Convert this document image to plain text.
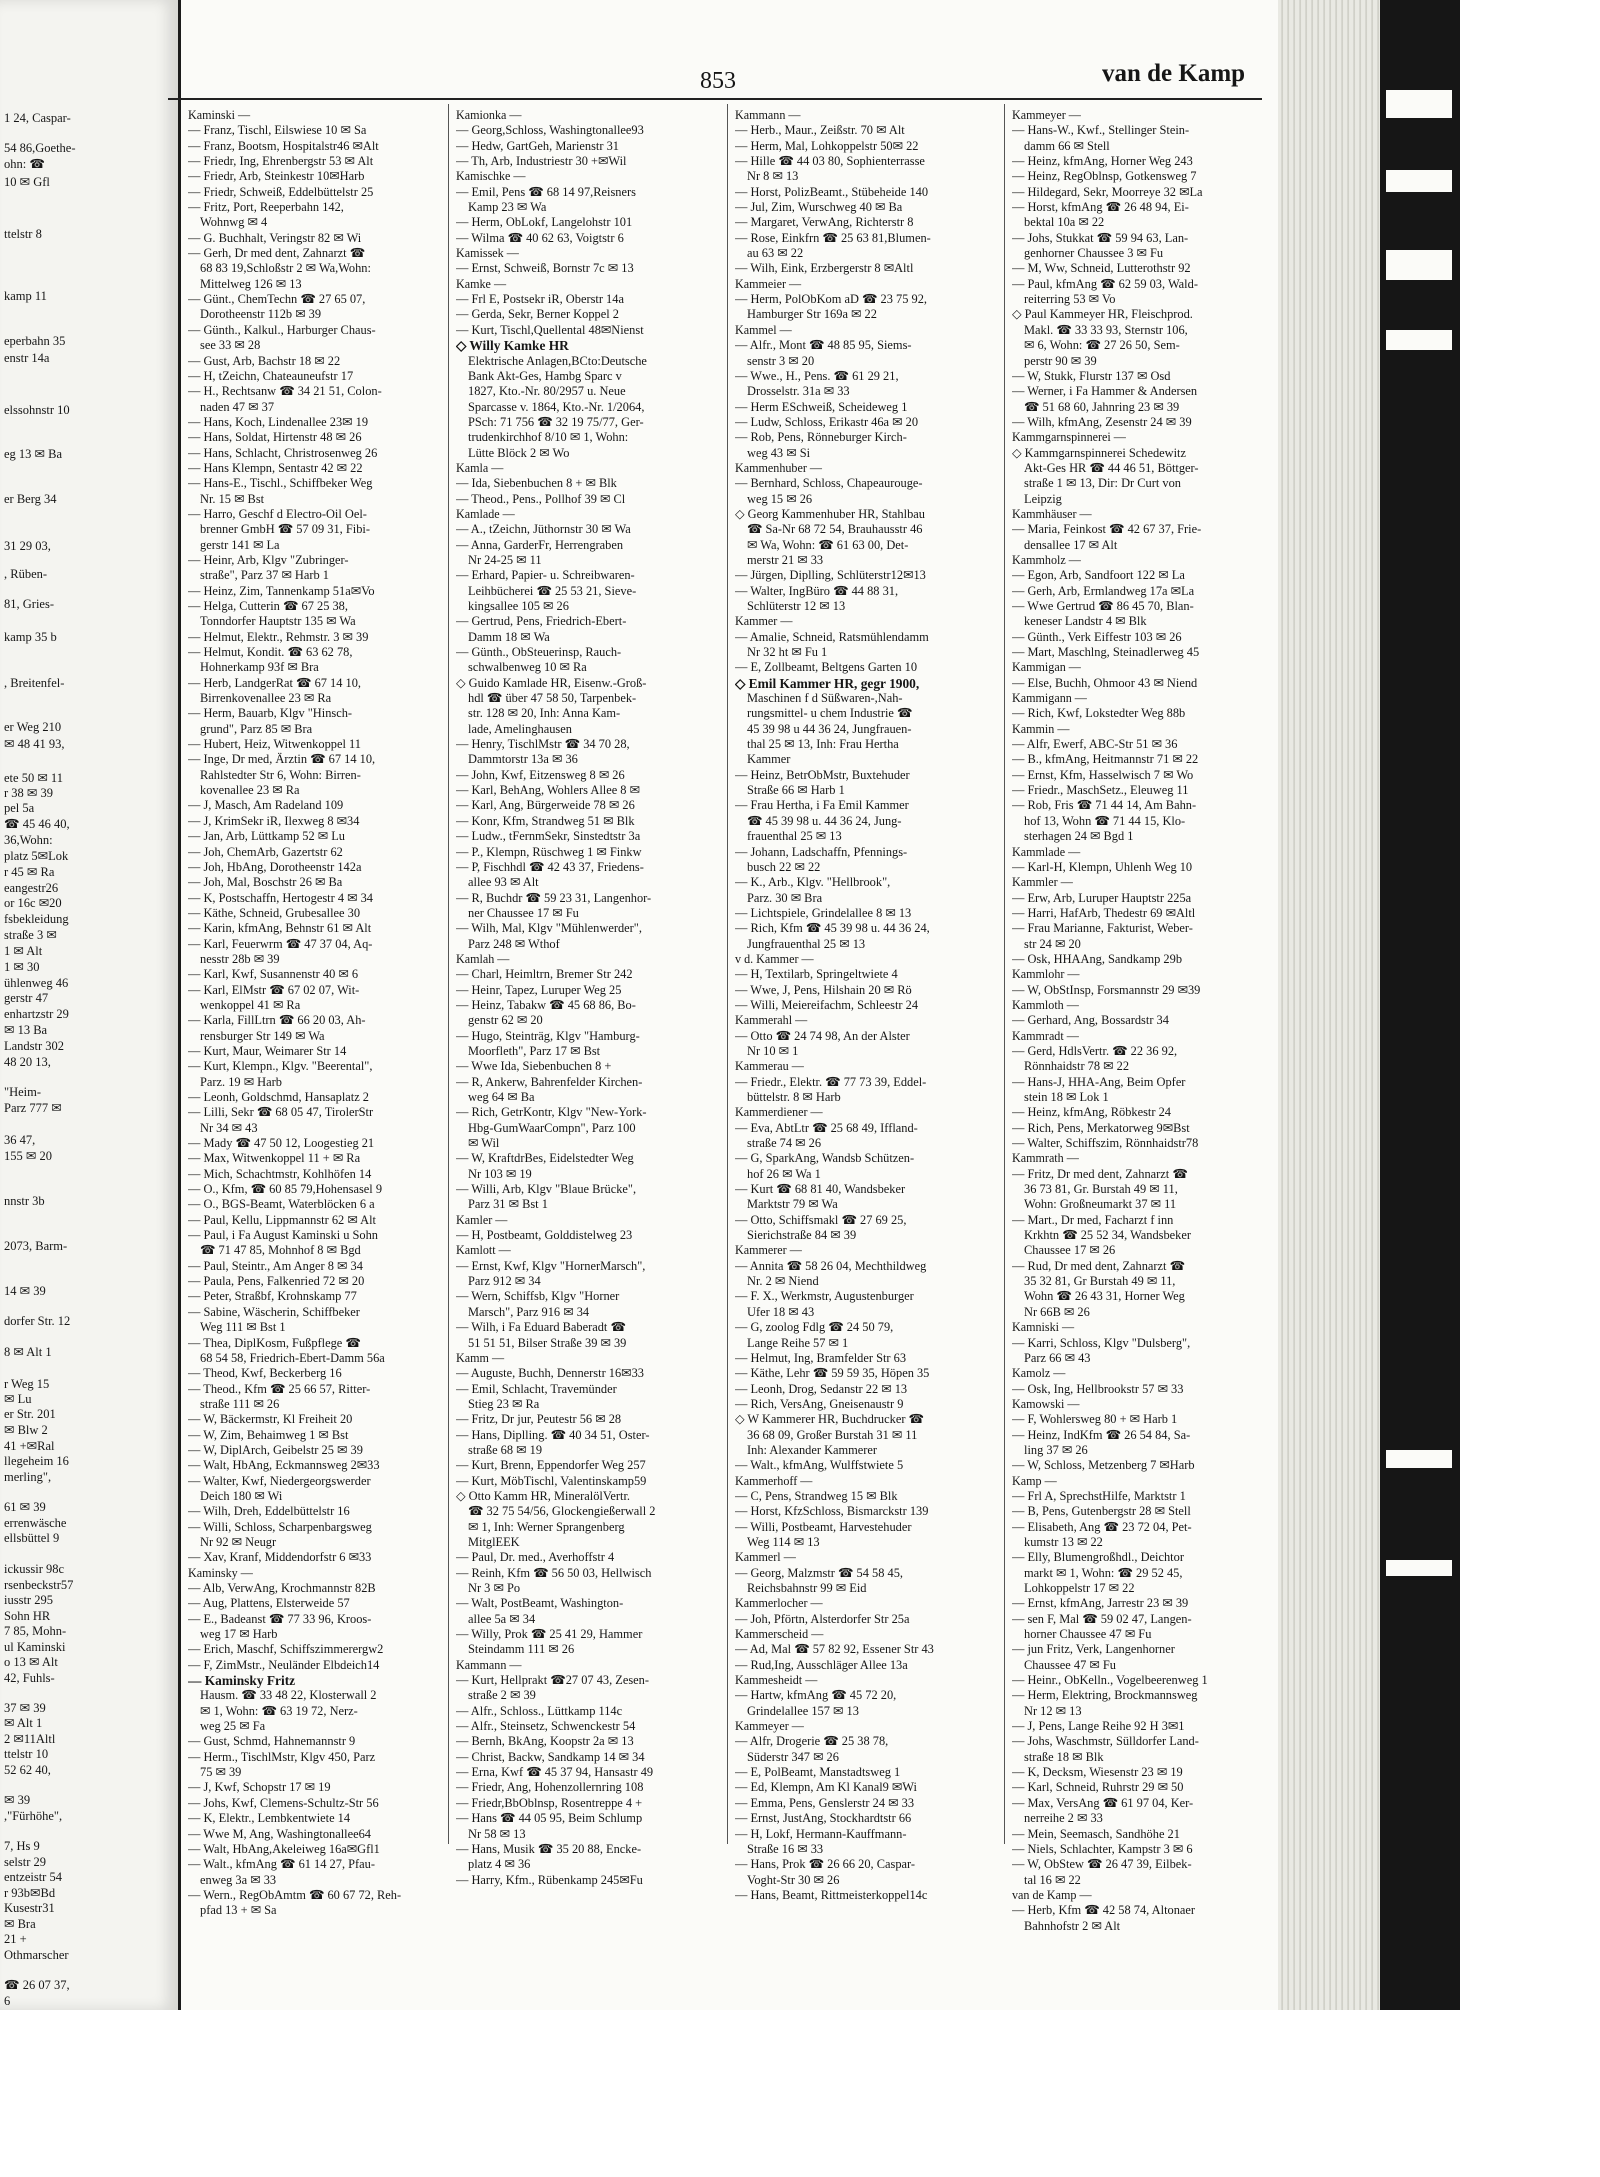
1 24, Caspar-
54 86,Goethe-
ohn: ☎
10 ✉ Gfl
ttelstr 8
kamp 11
eperbahn 35
enstr 14a
elssohnstr 10
eg 13 ✉ Ba
er Berg 34
31 29 03,
, Rüben-
81, Gries-
kamp 35 b
, Breitenfel-
er Weg 210
✉ 48 41 93,
ete 50 ✉ 11
r 38 ✉ 39
pel 5a
☎ 45 46 40,
36,Wohn:
platz 5✉Lok
r 45 ✉ Ra
eangestr26
or 16c ✉20
fsbekleidung
straße 3 ✉
1 ✉ Alt
1 ✉ 30
ühlenweg 46
gerstr 47
enhartzstr 29
✉ 13 Ba
Landstr 302
48 20 13,
"Heim-
Parz 777 ✉
36 47,
155 ✉ 20
nnstr 3b
2073, Barm-
14 ✉ 39
dorfer Str. 12
8 ✉ Alt 1
r Weg 15
✉ Lu
er Str. 201
✉ Blw 2
41 +✉Ral
llegeheim 16
merling",
61 ✉ 39
errenwäsche
ellsbüttel 9
ickussir 98c
rsenbeckstr57
iusstr 295
Sohn HR
7 85, Mohn-
ul Kaminski
o 13 ✉ Alt
42, Fuhls-
37 ✉ 39
✉ Alt 1
2 ✉11Altl
ttelstr 10
52 62 40,
✉ 39
,"Fürhöhe",
7, Hs 9
selstr 29
entzeistr 54
r 93b✉Bd
Kusestr31
✉ Bra
21 +
Othmarscher
☎ 26 07 37,
6
853	van de Kamp
Kaminski —
— Franz, Tischl, Eilswiese 10 ✉ Sa
— Franz, Bootsm, Hospitalstr46 ✉Alt
— Friedr, Ing, Ehrenbergstr 53 ✉ Alt
— Friedr, Arb, Steinkestr 10✉Harb
— Friedr, Schweiß, Eddelbüttelstr 25
— Fritz, Port, Reeperbahn 142,
Wohnwg ✉ 4
— G. Buchhalt, Veringstr 82 ✉ Wi
— Gerh, Dr med dent, Zahnarzt ☎
68 83 19,Schloßstr 2 ✉ Wa,Wohn:
Mittelweg 126 ✉ 13
— Günt., ChemTechn ☎ 27 65 07,
Dorotheenstr 112b ✉ 39
— Günth., Kalkul., Harburger Chaus-
see 33 ✉ 28
— Gust, Arb, Bachstr 18 ✉ 22
— H, tZeichn, Chateauneufstr 17
— H., Rechtsanw ☎ 34 21 51, Colon-
naden 47 ✉ 37
— Hans, Koch, Lindenallee 23✉ 19
— Hans, Soldat, Hirtenstr 48 ✉ 26
— Hans, Schlacht, Christrosenweg 26
— Hans Klempn, Sentastr 42 ✉ 22
— Hans-E., Tischl., Schiffbeker Weg
Nr. 15 ✉ Bst
— Harro, Geschf d Electro-Oil Oel-
brenner GmbH ☎ 57 09 31, Fibi-
gerstr 141 ✉ La
— Heinr, Arb, Klgv "Zubringer-
straße", Parz 37 ✉ Harb 1
— Heinz, Zim, Tannenkamp 51a✉Vo
— Helga, Cutterin ☎ 67 25 38,
Tonndorfer Hauptstr 135 ✉ Wa
— Helmut, Elektr., Rehmstr. 3 ✉ 39
— Helmut, Kondit. ☎ 63 62 78,
Hohnerkamp 93f ✉ Bra
— Herb, LandgerRat ☎ 67 14 10,
Birrenkovenallee 23 ✉ Ra
— Herm, Bauarb, Klgv "Hinsch-
grund", Parz 85 ✉ Bra
— Hubert, Heiz, Witwenkoppel 11
— Inge, Dr med, Ärztin ☎ 67 14 10,
Rahlstedter Str 6, Wohn: Birren-
kovenallee 23 ✉ Ra
— J, Masch, Am Radeland 109
— J, KrimSekr iR, Ilexweg 8 ✉34
— Jan, Arb, Lüttkamp 52 ✉ Lu
— Joh, ChemArb, Gazertstr 62
— Joh, HbAng, Dorotheenstr 142a
— Joh, Mal, Boschstr 26 ✉ Ba
— K, Postschaffn, Hertogestr 4 ✉ 34
— Käthe, Schneid, Grubesallee 30
— Karin, kfmAng, Behnstr 61 ✉ Alt
— Karl, Feuerwrm ☎ 47 37 04, Aq-
nesstr 28b ✉ 39
— Karl, Kwf, Susannenstr 40 ✉ 6
— Karl, ElMstr ☎ 67 02 07, Wit-
wenkoppel 41 ✉ Ra
— Karla, FillLtrn ☎ 66 20 03, Ah-
rensburger Str 149 ✉ Wa
— Kurt, Maur, Weimarer Str 14
— Kurt, Klempn., Klgv. "Beerental",
Parz. 19 ✉ Harb
— Leonh, Goldschmd, Hansaplatz 2
— Lilli, Sekr ☎ 68 05 47, TirolerStr
Nr 34 ✉ 43
— Mady ☎ 47 50 12, Loogestieg 21
— Max, Witwenkoppel 11 + ✉ Ra
— Mich, Schachtmstr, Kohlhöfen 14
— O., Kfm, ☎ 60 85 79,Hohensasel 9
— O., BGS-Beamt, Waterblöcken 6 a
— Paul, Kellu, Lippmannstr 62 ✉ Alt
— Paul, i Fa August Kaminski u Sohn
☎ 71 47 85, Mohnhof 8 ✉ Bgd
— Paul, Steintr., Am Anger 8 ✉ 34
— Paula, Pens, Falkenried 72 ✉ 20
— Peter, Straßbf, Krohnskamp 77
— Sabine, Wäscherin, Schiffbeker
Weg 111 ✉ Bst 1
— Thea, DiplKosm, Fußpflege ☎
68 54 58, Friedrich-Ebert-Damm 56a
— Theod, Kwf, Beckerberg 16
— Theod., Kfm ☎ 25 66 57, Ritter-
straße 111 ✉ 26
— W, Bäckermstr, Kl Freiheit 20
— W, Zim, Behaimweg 1 ✉ Bst
— W, DiplArch, Geibelstr 25 ✉ 39
— Walt, HbAng, Eckmannsweg 2✉33
— Walter, Kwf, Niedergeorgswerder
Deich 180 ✉ Wi
— Wilh, Dreh, Eddelbüttelstr 16
— Willi, Schloss, Scharpenbargsweg
Nr 92 ✉ Neugr
— Xav, Kranf, Middendorfstr 6 ✉33
Kaminsky —
— Alb, VerwAng, Krochmannstr 82B
— Aug, Plattens, Elsterweide 57
— E., Badeanst ☎ 77 33 96, Kroos-
weg 17 ✉ Harb
— Erich, Maschf, Schiffszimmerergw2
— F, ZimMstr., Neuländer Elbdeich14
— Kaminsky Fritz
Hausm. ☎ 33 48 22, Klosterwall 2
✉ 1, Wohn: ☎ 63 19 72, Nerz-
weg 25 ✉ Fa
— Gust, Schmd, Hahnemannstr 9
— Herm., TischlMstr, Klgv 450, Parz
75 ✉ 39
— J, Kwf, Schopstr 17 ✉ 19
— Johs, Kwf, Clemens-Schultz-Str 56
— K, Elektr., Lembkentwiete 14
— Wwe M, Ang, Washingtonallee64
— Walt, HbAng,Akeleiweg 16a✉Gfl1
— Walt., kfmAng ☎ 61 14 27, Pfau-
enweg 3a ✉ 33
— Wern., RegObAmtm ☎ 60 67 72, Reh-
pfad 13 + ✉ Sa
Kamionka —
— Georg,Schloss, Washingtonallee93
— Hedw, GartGeh, Marienstr 31
— Th, Arb, Industriestr 30 +✉Wil
Kamischke —
— Emil, Pens ☎ 68 14 97,Reisners
Kamp 23 ✉ Wa
— Herm, ObLokf, Langelohstr 101
— Wilma ☎ 40 62 63, Voigtstr 6
Kamissek —
— Ernst, Schweiß, Bornstr 7c ✉ 13
Kamke —
— Frl E, Postsekr iR, Oberstr 14a
— Gerda, Sekr, Berner Koppel 2
— Kurt, Tischl,Quellental 48✉Nienst
◇ Willy Kamke HR
Elektrische Anlagen,BCto:Deutsche
Bank Akt-Ges, Hambg Sparc v
1827, Kto.-Nr. 80/2957 u. Neue
Sparcasse v. 1864, Kto.-Nr. 1/2064,
PSch: 71 756 ☎ 32 19 75/77, Ger-
trudenkirchhof 8/10 ✉ 1, Wohn:
Lütte Blöck 2 ✉ Wo
Kamla —
— Ida, Siebenbuchen 8 + ✉ Blk
— Theod., Pens., Pollhof 39 ✉ Cl
Kamlade —
— A., tZeichn, Jüthornstr 30 ✉ Wa
— Anna, GarderFr, Herrengraben
Nr 24-25 ✉ 11
— Erhard, Papier- u. Schreibwaren-
Leihbücherei ☎ 25 53 21, Sieve-
kingsallee 105 ✉ 26
— Gertrud, Pens, Friedrich-Ebert-
Damm 18 ✉ Wa
— Günth., ObSteuerinsp, Rauch-
schwalbenweg 10 ✉ Ra
◇ Guido Kamlade HR, Eisenw.-Groß-
hdl ☎ über 47 58 50, Tarpenbek-
str. 128 ✉ 20, Inh: Anna Kam-
lade, Amelinghausen
— Henry, TischlMstr ☎ 34 70 28,
Dammtorstr 13a ✉ 36
— John, Kwf, Eitzensweg 8 ✉ 26
— Karl, BehAng, Wohlers Allee 8 ✉
— Karl, Ang, Bürgerweide 78 ✉ 26
— Konr, Kfm, Strandweg 51 ✉ Blk
— Ludw., tFernmSekr, Sinstedtstr 3a
— P., Klempn, Rüschweg 1 ✉ Finkw
— P, Fischhdl ☎ 42 43 37, Friedens-
allee 93 ✉ Alt
— R, Buchdr ☎ 59 23 31, Langenhor-
ner Chaussee 17 ✉ Fu
— Wilh, Mal, Klgv "Mühlenwerder",
Parz 248 ✉ Wthof
Kamlah —
— Charl, Heimltrn, Bremer Str 242
— Heinr, Tapez, Luruper Weg 25
— Heinz, Tabakw ☎ 45 68 86, Bo-
genstr 62 ✉ 20
— Hugo, Steinträg, Klgv "Hamburg-
Moorfleth", Parz 17 ✉ Bst
— Wwe Ida, Siebenbuchen 8 +
— R, Ankerw, Bahrenfelder Kirchen-
weg 64 ✉ Ba
— Rich, GetrKontr, Klgv "New-York-
Hbg-GumWaarCompn", Parz 100
✉ Wil
— W, KraftdrBes, Eidelstedter Weg
Nr 103 ✉ 19
— Willi, Arb, Klgv "Blaue Brücke",
Parz 31 ✉ Bst 1
Kamler —
— H, Postbeamt, Golddistelweg 23
Kamlott —
— Ernst, Kwf, Klgv "HornerMarsch",
Parz 912 ✉ 34
— Wern, Schiffsb, Klgv "Horner
Marsch", Parz 916 ✉ 34
— Wilh, i Fa Eduard Baberadt ☎
51 51 51, Bilser Straße 39 ✉ 39
Kamm —
— Auguste, Buchh, Dennerstr 16✉33
— Emil, Schlacht, Travemünder
Stieg 23 ✉ Ra
— Fritz, Dr jur, Peutestr 56 ✉ 28
— Hans, Diplling. ☎ 40 34 51, Oster-
straße 68 ✉ 19
— Kurt, Brenn, Eppendorfer Weg 257
— Kurt, MöbTischl, Valentinskamp59
◇ Otto Kamm HR, MineralölVertr.
☎ 32 75 54/56, Glockengießerwall 2
✉ 1, Inh: Werner Sprangenberg
MitglEEK
— Paul, Dr. med., Averhoffstr 4
— Reinh, Kfm ☎ 56 50 03, Hellwisch
Nr 3 ✉ Po
— Walt, PostBeamt, Washington-
allee 5a ✉ 34
— Willy, Prok ☎ 25 41 29, Hammer
Steindamm 111 ✉ 26
Kammann —
— Kurt, Hellprakt ☎27 07 43, Zesen-
straße 2 ✉ 39
— Alfr., Schloss., Lüttkamp 114c
— Alfr., Steinsetz, Schwenckestr 54
— Bernh, BkAng, Koopstr 2a ✉ 13
— Christ, Backw, Sandkamp 14 ✉ 34
— Erna, Kwf ☎ 45 37 94, Hansastr 49
— Friedr, Ang, Hohenzollernring 108
— Friedr,BbOblnsp, Rosentreppe 4 +
— Hans ☎ 44 05 95, Beim Schlump
Nr 58 ✉ 13
— Hans, Musik ☎ 35 20 88, Encke-
platz 4 ✉ 36
— Harry, Kfm., Rübenkamp 245✉Fu
Kammann —
— Herb., Maur., Zeißstr. 70 ✉ Alt
— Herm, Mal, Lohkoppelstr 50✉ 22
— Hille ☎ 44 03 80, Sophienterrasse
Nr 8 ✉ 13
— Horst, PolizBeamt., Stübeheide 140
— Jul, Zim, Wurschweg 40 ✉ Ba
— Margaret, VerwAng, Richterstr 8
— Rose, Einkfrn ☎ 25 63 81,Blumen-
au 63 ✉ 22
— Wilh, Eink, Erzbergerstr 8 ✉Altl
Kammeier —
— Herm, PolObKom aD ☎ 23 75 92,
Hamburger Str 169a ✉ 22
Kammel —
— Alfr., Mont ☎ 48 85 95, Siems-
senstr 3 ✉ 20
— Wwe., H., Pens. ☎ 61 29 21,
Drosselstr. 31a ✉ 33
— Herm ESchweiß, Scheideweg 1
— Ludw, Schloss, Erikastr 46a ✉ 20
— Rob, Pens, Rönneburger Kirch-
weg 43 ✉ Si
Kammenhuber —
— Bernhard, Schloss, Chapeaurouge-
weg 15 ✉ 26
◇ Georg Kammenhuber HR, Stahlbau
☎ Sa-Nr 68 72 54, Brauhausstr 46
✉ Wa, Wohn: ☎ 61 63 00, Det-
merstr 21 ✉ 33
— Jürgen, Diplling, Schlüterstr12✉13
— Walter, IngBüro ☎ 44 88 31,
Schlüterstr 12 ✉ 13
Kammer —
— Amalie, Schneid, Ratsmühlendamm
Nr 32 ht ✉ Fu 1
— E, Zollbeamt, Beltgens Garten 10
◇ Emil Kammer HR, gegr 1900,
Maschinen f d Süßwaren-,Nah-
rungsmittel- u chem Industrie ☎
45 39 98 u 44 36 24, Jungfrauen-
thal 25 ✉ 13, Inh: Frau Hertha
Kammer
— Heinz, BetrObMstr, Buxtehuder
Straße 66 ✉ Harb 1
— Frau Hertha, i Fa Emil Kammer
☎ 45 39 98 u. 44 36 24, Jung-
frauenthal 25 ✉ 13
— Johann, Ladschaffn, Pfennings-
busch 22 ✉ 22
— K., Arb., Klgv. "Hellbrook",
Parz. 30 ✉ Bra
— Lichtspiele, Grindelallee 8 ✉ 13
— Rich, Kfm ☎ 45 39 98 u. 44 36 24,
Jungfrauenthal 25 ✉ 13
v d. Kammer —
— H, Textilarb, Springeltwiete 4
— Wwe, J, Pens, Hilshain 20 ✉ Rö
— Willi, Meiereifachm, Schleestr 24
Kammerahl —
— Otto ☎ 24 74 98, An der Alster
Nr 10 ✉ 1
Kammerau —
— Friedr., Elektr. ☎ 77 73 39, Eddel-
büttelstr. 8 ✉ Harb
Kammerdiener —
— Eva, AbtLtr ☎ 25 68 49, Iffland-
straße 74 ✉ 26
— G, SparkAng, Wandsb Schützen-
hof 26 ✉ Wa 1
— Kurt ☎ 68 81 40, Wandsbeker
Marktstr 79 ✉ Wa
— Otto, Schiffsmakl ☎ 27 69 25,
Sierichstraße 84 ✉ 39
Kammerer —
— Annita ☎ 58 26 04, Mechthildweg
Nr. 2 ✉ Niend
— F. X., Werkmstr, Augustenburger
Ufer 18 ✉ 43
— G, zoolog Fdlg ☎ 24 50 79,
Lange Reihe 57 ✉ 1
— Helmut, Ing, Bramfelder Str 63
— Käthe, Lehr ☎ 59 59 35, Höpen 35
— Leonh, Drog, Sedanstr 22 ✉ 13
— Rich, VersAng, Gneisenaustr 9
◇ W Kammerer HR, Buchdrucker ☎
36 68 09, Großer Burstah 31 ✉ 11
Inh: Alexander Kammerer
— Walt., kfmAng, Wulffstwiete 5
Kammerhoff —
— C, Pens, Strandweg 15 ✉ Blk
— Horst, KfzSchloss, Bismarckstr 139
— Willi, Postbeamt, Harvestehuder
Weg 114 ✉ 13
Kammerl —
— Georg, Malzmstr ☎ 54 58 45,
Reichsbahnstr 99 ✉ Eid
Kammerlocher —
— Joh, Pförtn, Alsterdorfer Str 25a
Kammerscheid —
— Ad, Mal ☎ 57 82 92, Essener Str 43
— Rud,Ing, Ausschläger Allee 13a
Kammesheidt —
— Hartw, kfmAng ☎ 45 72 20,
Grindelallee 157 ✉ 13
Kammeyer —
— Alfr, Drogerie ☎ 25 38 78,
Süderstr 347 ✉ 26
— E, PolBeamt, Manstadtsweg 1
— Ed, Klempn, Am Kl Kanal9 ✉Wi
— Emma, Pens, Genslerstr 24 ✉ 33
— Ernst, JustAng, Stockhardtstr 66
— H, Lokf, Hermann-Kauffmann-
Straße 16 ✉ 33
— Hans, Prok ☎ 26 66 20, Caspar-
Voght-Str 30 ✉ 26
— Hans, Beamt, Rittmeisterkoppel14c
Kammeyer —
— Hans-W., Kwf., Stellinger Stein-
damm 66 ✉ Stell
— Heinz, kfmAng, Horner Weg 243
— Heinz, RegOblnsp, Gotkensweg 7
— Hildegard, Sekr, Moorreye 32 ✉La
— Horst, kfmAng ☎ 26 48 94, Ei-
bektal 10a ✉ 22
— Johs, Stukkat ☎ 59 94 63, Lan-
genhorner Chaussee 3 ✉ Fu
— M, Ww, Schneid, Lutterothstr 92
— Paul, kfmAng ☎ 62 59 03, Wald-
reiterring 53 ✉ Vo
◇ Paul Kammeyer HR, Fleischprod.
Makl. ☎ 33 33 93, Sternstr 106,
✉ 6, Wohn: ☎ 27 26 50, Sem-
perstr 90 ✉ 39
— W, Stukk, Flurstr 137 ✉ Osd
— Werner, i Fa Hammer & Andersen
☎ 51 68 60, Jahnring 23 ✉ 39
— Wilh, kfmAng, Zesenstr 24 ✉ 39
Kammgarnspinnerei —
◇ Kammgarnspinnerei Schedewitz
Akt-Ges HR ☎ 44 46 51, Böttger-
straße 1 ✉ 13, Dir: Dr Curt von
Leipzig
Kammhäuser —
— Maria, Feinkost ☎ 42 67 37, Frie-
densallee 17 ✉ Alt
Kammholz —
— Egon, Arb, Sandfoort 122 ✉ La
— Gerh, Arb, Ermlandweg 17a ✉La
— Wwe Gertrud ☎ 86 45 70, Blan-
keneser Landstr 4 ✉ Blk
— Günth., Verk Eiffestr 103 ✉ 26
— Mart, Maschlng, Steinadlerweg 45
Kammigan —
— Else, Buchh, Ohmoor 43 ✉ Niend
Kammigann —
— Rich, Kwf, Lokstedter Weg 88b
Kammin —
— Alfr, Ewerf, ABC-Str 51 ✉ 36
— B., kfmAng, Heitmannstr 71 ✉ 22
— Ernst, Kfm, Hasselwisch 7 ✉ Wo
— Friedr., MaschSetz., Eleuweg 11
— Rob, Fris ☎ 71 44 14, Am Bahn-
hof 13, Wohn ☎ 71 44 15, Klo-
sterhagen 24 ✉ Bgd 1
Kammlade —
— Karl-H, Klempn, Uhlenh Weg 10
Kammler —
— Erw, Arb, Luruper Hauptstr 225a
— Harri, HafArb, Thedestr 69 ✉Altl
— Frau Marianne, Fakturist, Weber-
str 24 ✉ 20
— Osk, HHAAng, Sandkamp 29b
Kammlohr —
— W, ObStInsp, Forsmannstr 29 ✉39
Kammloth —
— Gerhard, Ang, Bossardstr 34
Kammradt —
— Gerd, HdlsVertr. ☎ 22 36 92,
Rönnhaidstr 78 ✉ 22
— Hans-J, HHA-Ang, Beim Opfer
stein 18 ✉ Lok 1
— Heinz, kfmAng, Röbkestr 24
— Rich, Pens, Merkatorweg 9✉Bst
— Walter, Schiffszim, Rönnhaidstr78
Kammrath —
— Fritz, Dr med dent, Zahnarzt ☎
36 73 81, Gr. Burstah 49 ✉ 11,
Wohn: Großneumarkt 37 ✉ 11
— Mart., Dr med, Facharzt f inn
Krkhtn ☎ 25 52 34, Wandsbeker
Chaussee 17 ✉ 26
— Rud, Dr med dent, Zahnarzt ☎
35 32 81, Gr Burstah 49 ✉ 11,
Wohn ☎ 26 43 31, Horner Weg
Nr 66B ✉ 26
Kamniski —
— Karri, Schloss, Klgv "Dulsberg",
Parz 66 ✉ 43
Kamolz —
— Osk, Ing, Hellbrookstr 57 ✉ 33
Kamowski —
— F, Wohlersweg 80 + ✉ Harb 1
— Heinz, IndKfm ☎ 26 54 84, Sa-
ling 37 ✉ 26
— W, Schloss, Metzenberg 7 ✉Harb
Kamp —
— Frl A, SprechstHilfe, Marktstr 1
— B, Pens, Gutenbergstr 28 ✉ Stell
— Elisabeth, Ang ☎ 23 72 04, Pet-
kumstr 13 ✉ 22
— Elly, Blumengroßhdl., Deichtor
markt ✉ 1, Wohn: ☎ 29 52 45,
Lohkoppelstr 17 ✉ 22
— Ernst, kfmAng, Jarrestr 23 ✉ 39
— sen F, Mal ☎ 59 02 47, Langen-
horner Chaussee 47 ✉ Fu
— jun Fritz, Verk, Langenhorner
Chaussee 47 ✉ Fu
— Heinr., ObKelln., Vogelbeerenweg 1
— Herm, Elektring, Brockmannsweg
Nr 12 ✉ 13
— J, Pens, Lange Reihe 92 H 3✉1
— Johs, Waschmstr, Sülldorfer Land-
straße 18 ✉ Blk
— K, Decksm, Wiesenstr 23 ✉ 19
— Karl, Schneid, Ruhrstr 29 ✉ 50
— Max, VersAng ☎ 61 97 04, Ker-
nerreihe 2 ✉ 33
— Mein, Seemasch, Sandhöhe 21
— Niels, Schlachter, Kampstr 3 ✉ 6
— W, ObStew ☎ 26 47 39, Eilbek-
tal 16 ✉ 22
van de Kamp —
— Herb, Kfm ☎ 42 58 74, Altonaer
Bahnhofstr 2 ✉ Alt
